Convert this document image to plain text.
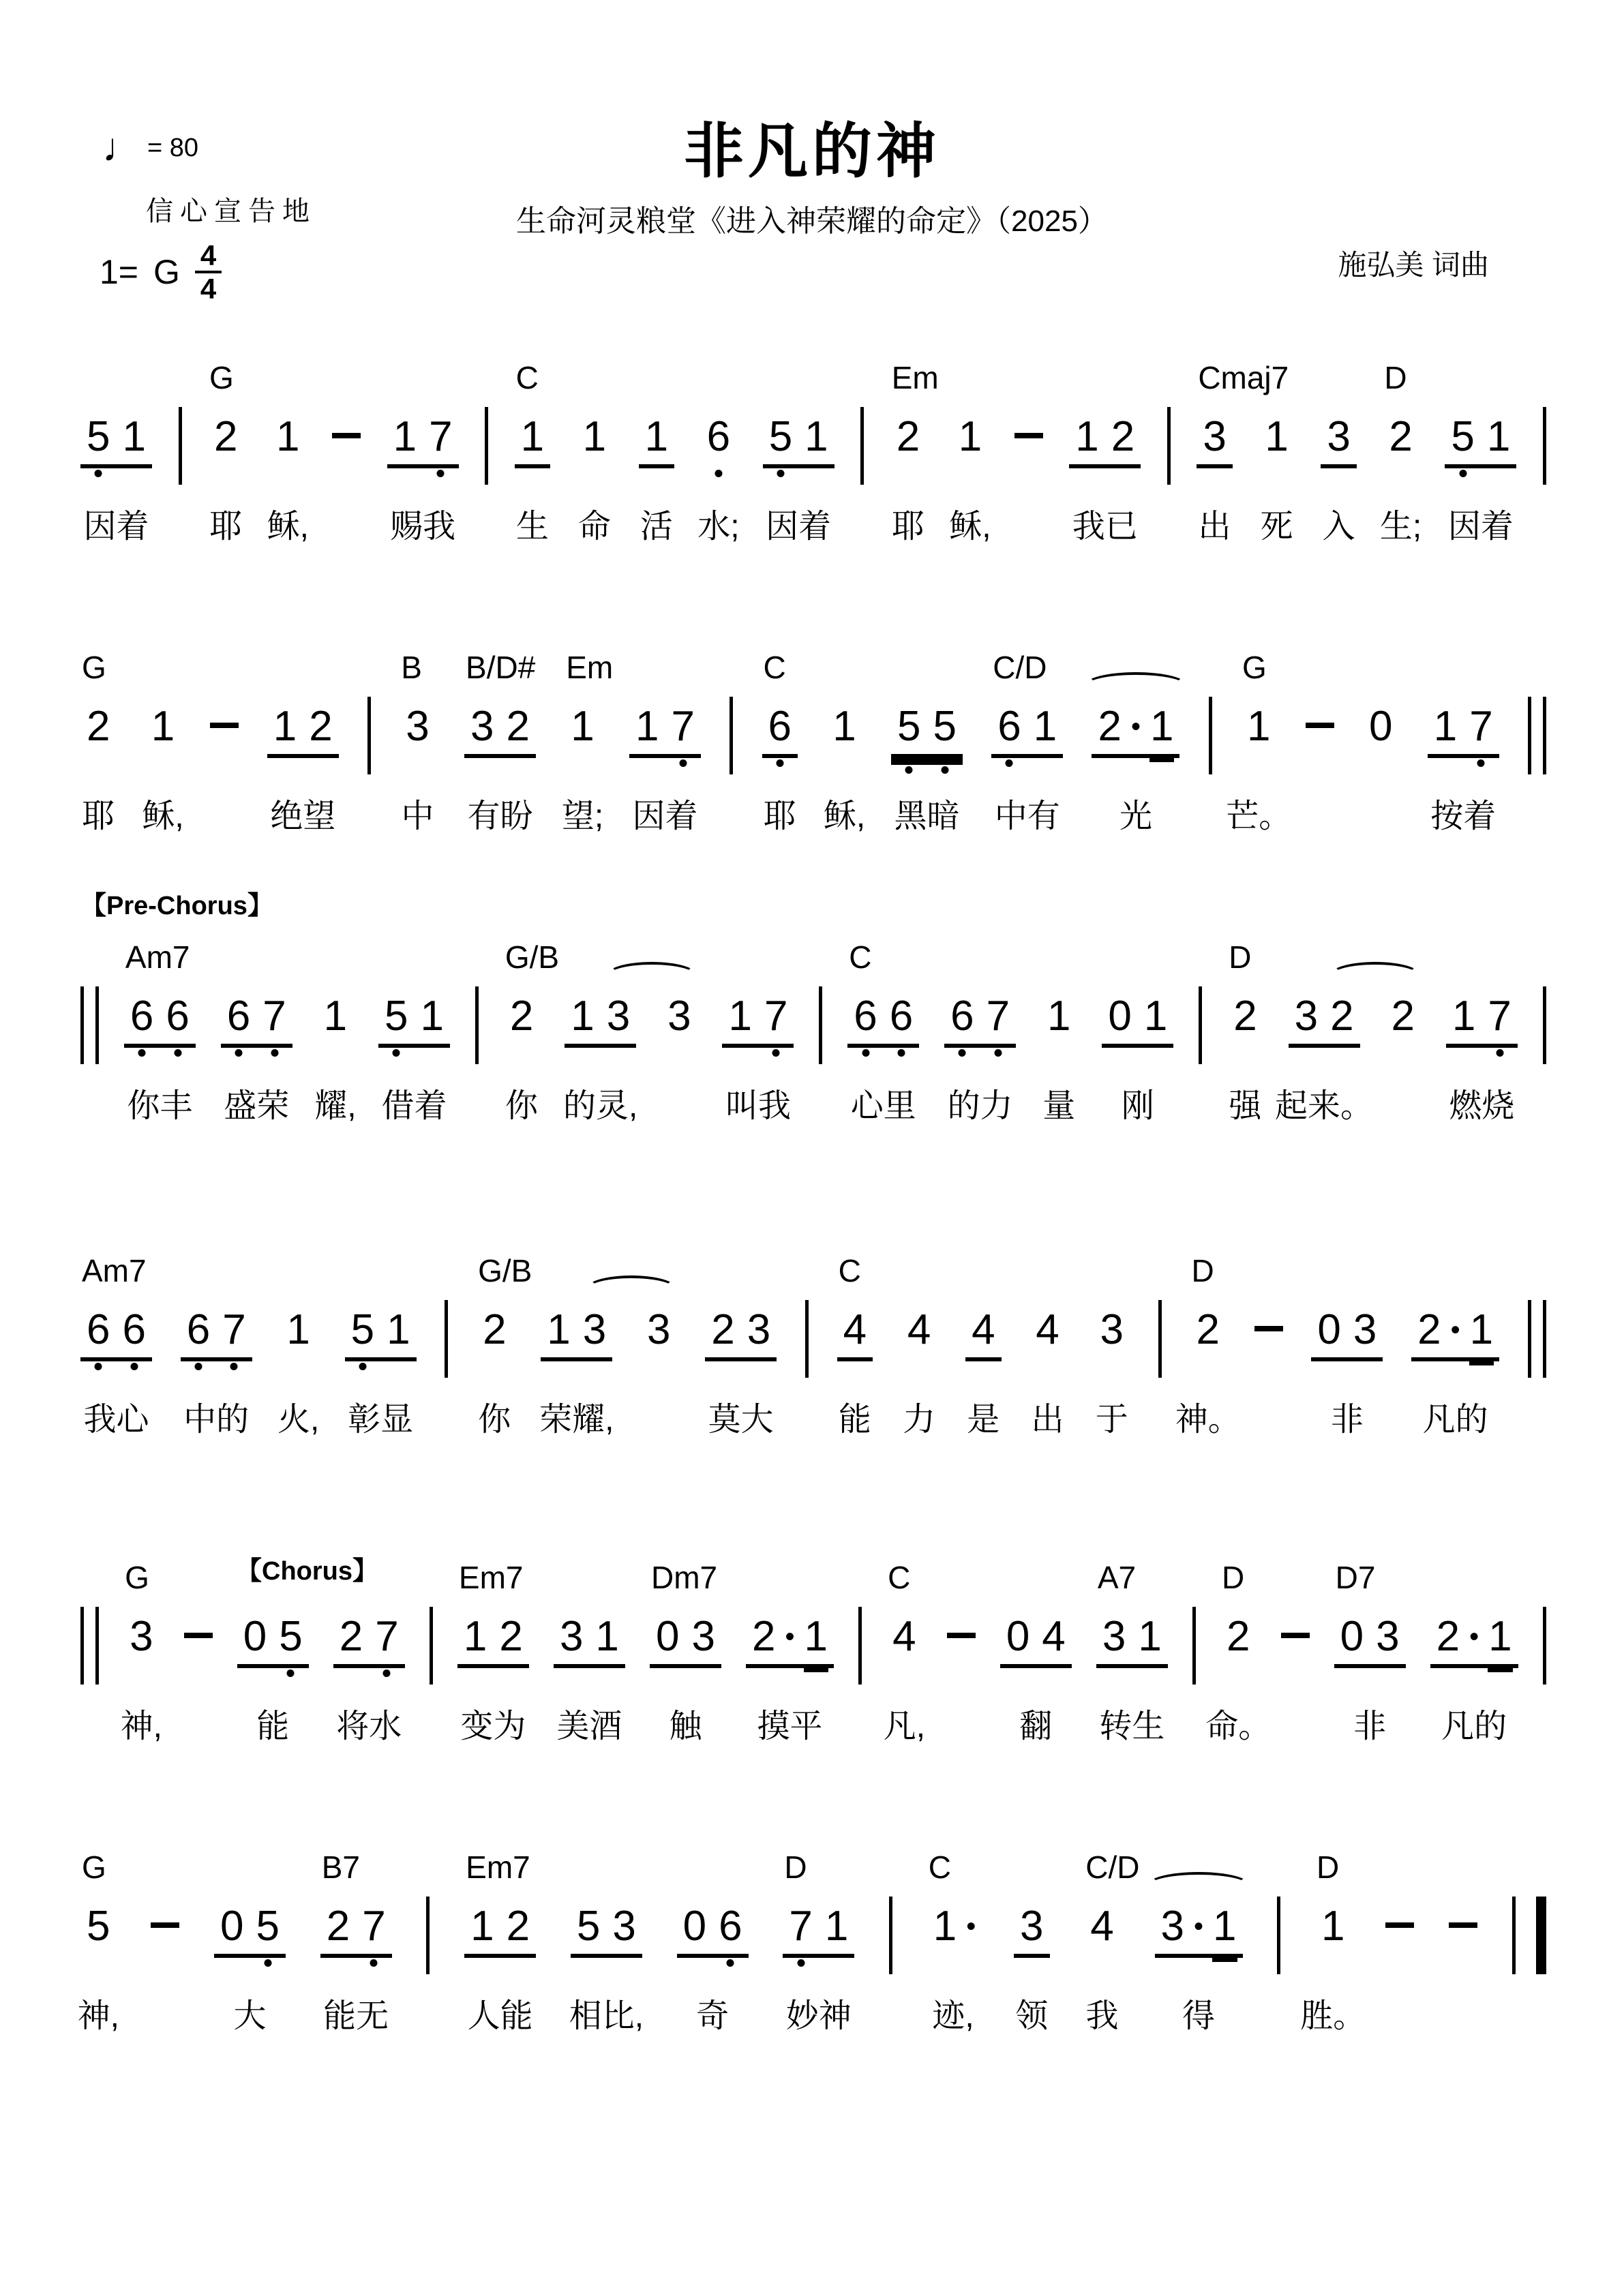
非凡的神
生命河灵粮堂《进入神荣耀的命定》（2025）
施弘美 词曲
♩ = 80
信心宣告地
1= G $\frac{4}{4}$
5 1
因着
G
2
耶
1
稣,
1 7
赐我
C
1
生
1
命
1
活
6
水;
5 1
因着
Em
2
耶
1
稣,
1 2
我已
Cmaj7
3
出
1
死
3
入
D
2
生;
5 1
因着
G
2
耶
1
稣,
1 2
绝望
B
3
中
B/D#
3 2
有盼
Em
1
望;
1 7
因着
C
6
耶
1
稣,
5 5
黑暗
C/D
6 1
中有
2 • 1
光
G
1
芒。
0 1 7
按着
【Pre-Chorus】
Am7
6 6
你丰
6 7
盛荣
1
耀,
5 1
借着
G/B
2
你
1 3
的灵,
3 1 7
叫我
C
6 6
心里
6 7
的力
1
量
0 1
刚
D
2
强
3 2
起来。
2 1 7
燃烧
Am7
6 6
我心
6 7
中的
1
火,
5 1
彰显
G/B
2
你
1 3
荣耀,
3 2 3
莫大
C
4
能
4
力
4
是
4
出
3
于
D
2
神。
0 3
非
2 • 1
凡的
【Chorus】
G
3
神,
0 5
能
2 7
将水
Em7
1 2
变为
3 1
美酒
Dm7
0 3
触
2 • 1
摸平
C
4
凡,
0 4
翻
A7
3 1
转生
D
2
命。
D7
0 3
非
2 • 1
凡的
G
5
神,
0 5
大
B7
2 7
能无
Em7
1 2
人能
5 3
相比,
0 6
奇
D
7 1
妙神
C
1 •
迹,
3
领
C/D
4
我
3 • 1
得
D
1
胜。
